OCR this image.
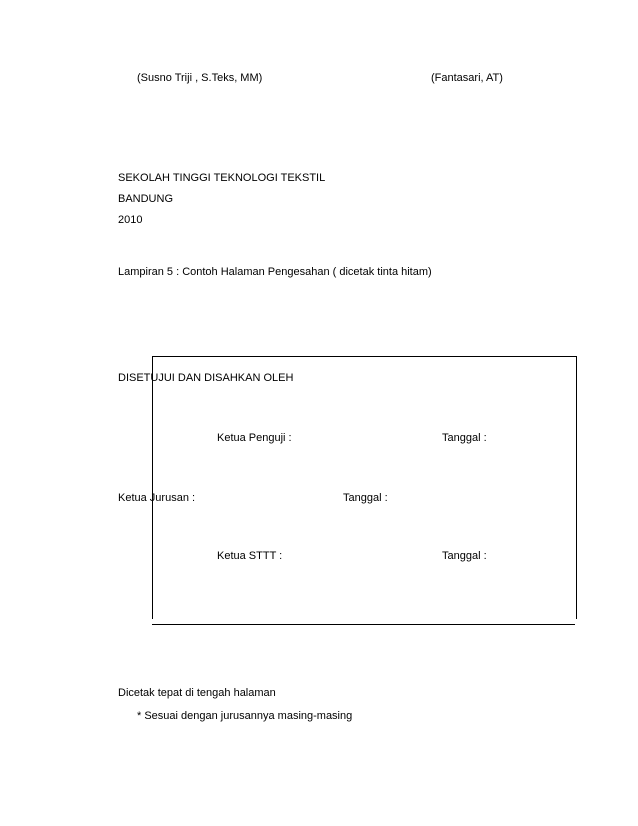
(Susno Triji , S.Teks, MM)	(Fantasari, AT)
SEKOLAH TINGGI TEKNOLOGI TEKSTIL
BANDUNG
2010
Lampiran 5 : Contoh Halaman Pengesahan ( dicetak tinta hitam)
DISETUJUI DAN DISAHKAN OLEH
Ketua Penguji :	Tanggal :
Ketua Jurusan :	Tanggal :
Ketua STTT :	Tanggal :
Dicetak tepat di tengah halaman
* Sesuai dengan jurusannya masing-masing
